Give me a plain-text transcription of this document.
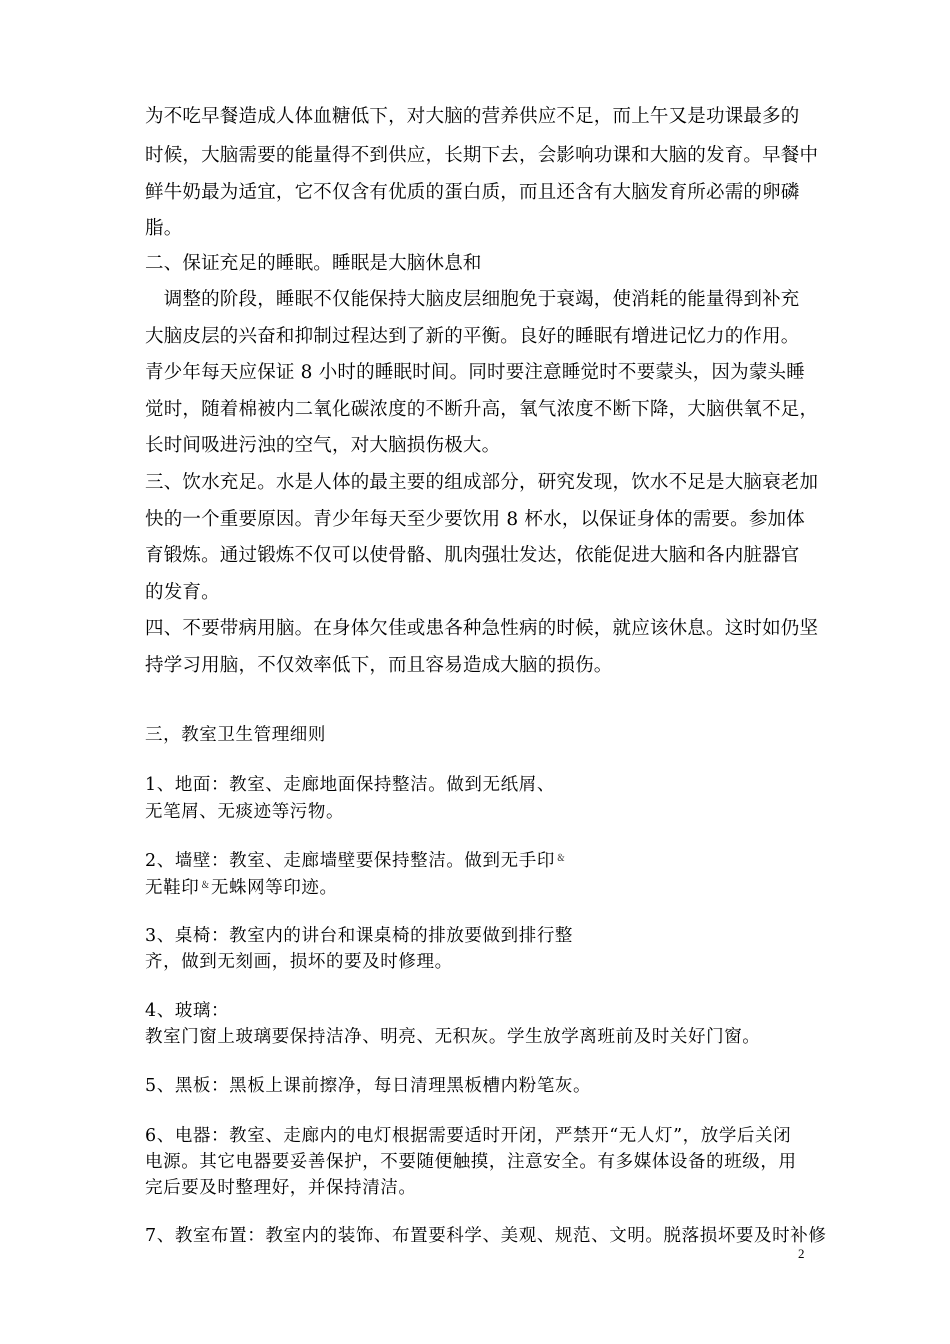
为不吃早餐造成人体血糖低下，对大脑的营养供应不足，而上午又是功课最多的
时候，大脑需要的能量得不到供应，长期下去，会影响功课和大脑的发育。早餐中
鲜牛奶最为适宜，它不仅含有优质的蛋白质，而且还含有大脑发育所必需的卵磷
脂。
二、保证充足的睡眠。睡眠是大脑休息和
　调整的阶段，睡眠不仅能保持大脑皮层细胞免于衰竭，使消耗的能量得到补充
大脑皮层的兴奋和抑制过程达到了新的平衡。良好的睡眠有增进记忆力的作用。
青少年每天应保证 8 小时的睡眠时间。同时要注意睡觉时不要蒙头，因为蒙头睡
觉时，随着棉被内二氧化碳浓度的不断升高，氧气浓度不断下降，大脑供氧不足，
长时间吸进污浊的空气，对大脑损伤极大。
三、饮水充足。水是人体的最主要的组成部分，研究发现，饮水不足是大脑衰老加
快的一个重要原因。青少年每天至少要饮用 8 杯水，以保证身体的需要。参加体
育锻炼。通过锻炼不仅可以使骨骼、肌肉强壮发达，依能促进大脑和各内脏器官
的发育。
四、不要带病用脑。在身体欠佳或患各种急性病的时候，就应该休息。这时如仍坚
持学习用脑，不仅效率低下，而且容易造成大脑的损伤。
三，教室卫生管理细则
1、地面：教室、走廊地面保持整洁。做到无纸屑、
无笔屑、无痰迹等污物。
2、墙壁：教室、走廊墙壁要保持整洁。做到无手印﹠
无鞋印﹠无蛛网等印迹。
3、桌椅：教室内的讲台和课桌椅的排放要做到排行整
齐，做到无刻画，损坏的要及时修理。
4、玻璃：
教室门窗上玻璃要保持洁净、明亮、无积灰。学生放学离班前及时关好门窗。
5、黑板：黑板上课前擦净，每日清理黑板槽内粉笔灰。
6、电器：教室、走廊内的电灯根据需要适时开闭，严禁开“无人灯”，放学后关闭
电源。其它电器要妥善保护，不要随便触摸，注意安全。有多媒体设备的班级，用
完后要及时整理好，并保持清洁。
7、教室布置：教室内的装饰、布置要科学、美观、规范、文明。脱落损坏要及时补修
2
